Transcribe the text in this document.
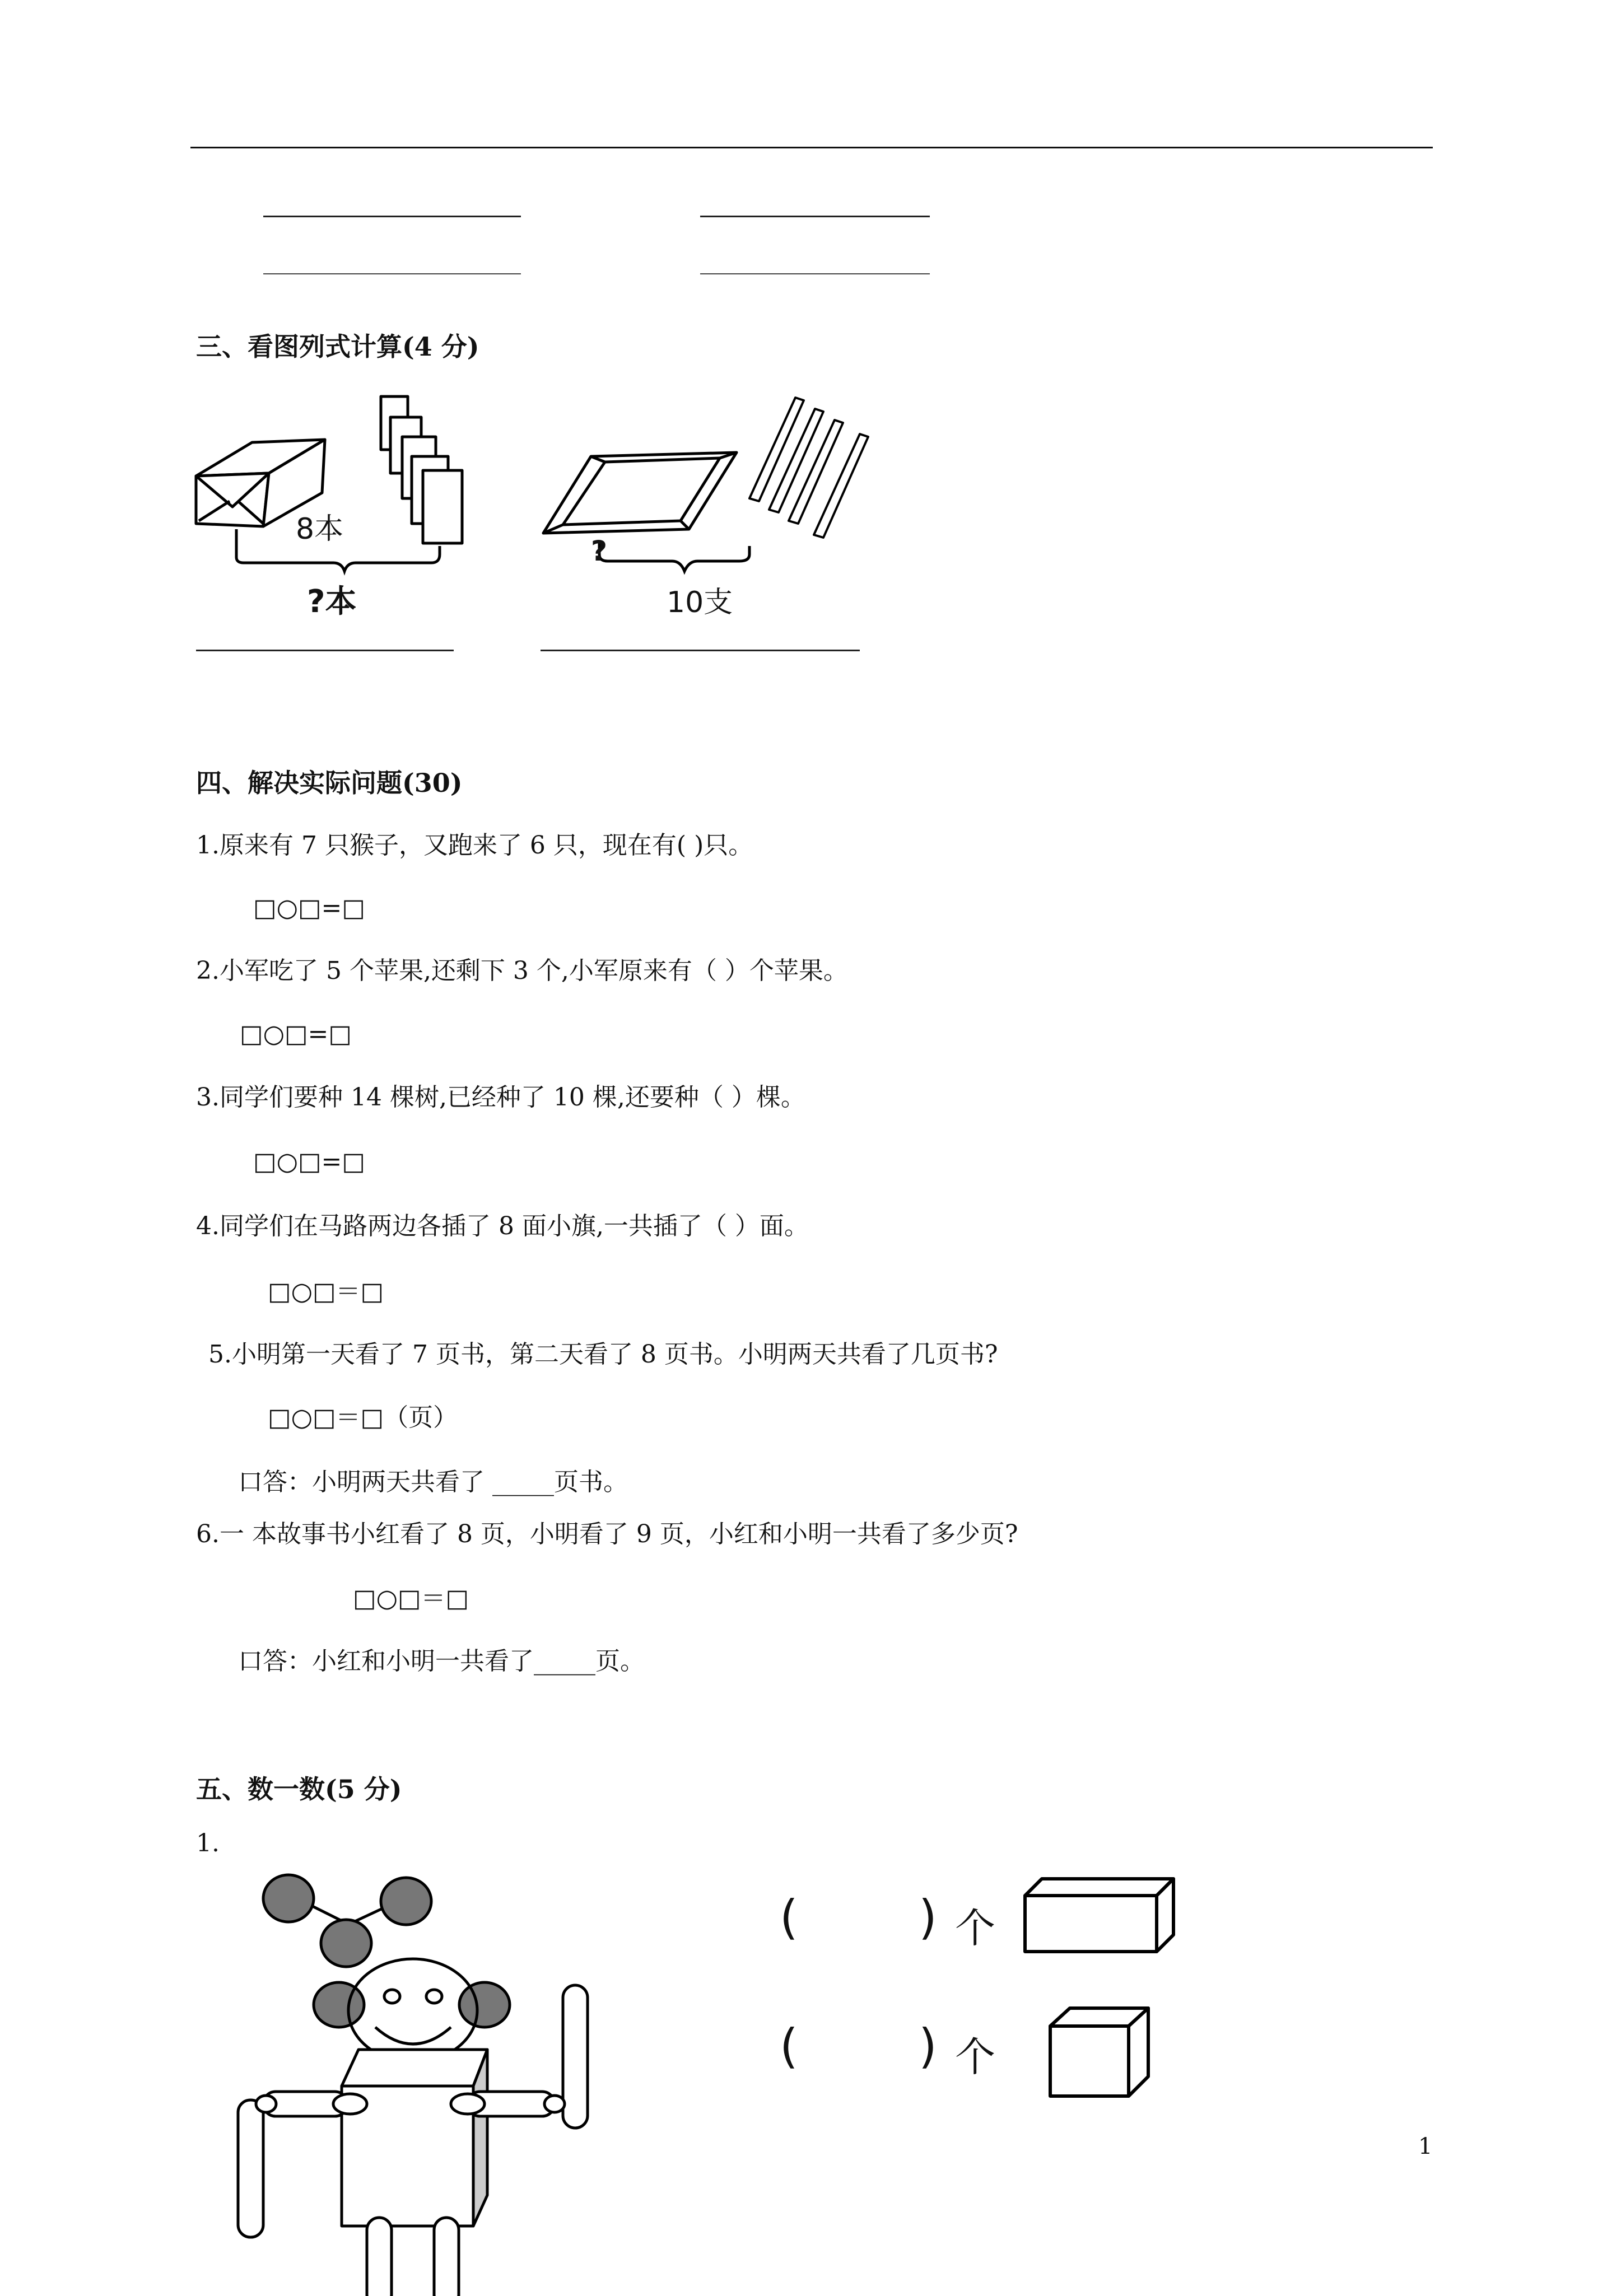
三、看图列式计算(4 分)
8本
?本
?
10支
四、解决实际问题(30)
1.原来有 7 只猴子，又跑来了 6 只，现在有( )只。
□○□=□
2.小军吃了 5 个苹果,还剩下 3 个,小军原来有（ ）个苹果。
□○□=□
3.同学们要种 14 棵树,已经种了 10 棵,还要种（ ）棵。
□○□=□
4.同学们在马路两边各插了 8 面小旗,一共插了（ ）面。
□○□＝□
5.小明第一天看了 7 页书，第二天看了 8 页书。小明两天共看了几页书?
□○□＝□（页）
口答：小明两天共看了 _____页书。
6.一 本故事书小红看了 8 页，小明看了 9 页，小红和小明一共看了多少页?
□○□＝□
口答：小红和小明一共看了_____页。
五、数一数(5 分)
1.
(	) 个
(	) 个
1
